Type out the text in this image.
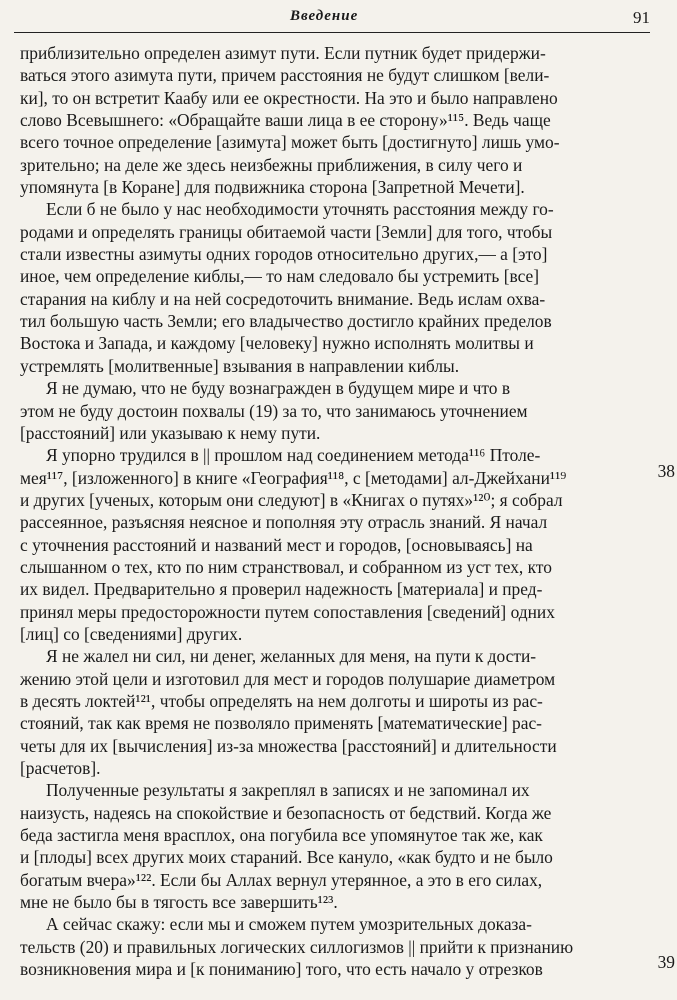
Введение	91
38
39
приблизительно определен азимут пути. Если путник будет придержи-
ваться этого азимута пути, причем расстояния не будут слишком [вели-
ки], то он встретит Каабу или ее окрестности. На это и было направлено
слово Всевышнего: «Обращайте ваши лица в ее сторону»¹¹⁵. Ведь чаще
всего точное определение [азимута] может быть [достигнуто] лишь умо-
зрительно; на деле же здесь неизбежны приближения, в силу чего и
упомянута [в Коране] для подвижника сторона [Запретной Мечети].
Если б не было у нас необходимости уточнять расстояния между го-
родами и определять границы обитаемой части [Земли] для того, чтобы
стали известны азимуты одних городов относительно других,— а [это]
иное, чем определение киблы,— то нам следовало бы устремить [все]
старания на киблу и на ней сосредоточить внимание. Ведь ислам охва-
тил большую часть Земли; его владычество достигло крайних пределов
Востока и Запада, и каждому [человеку] нужно исполнять молитвы и
устремлять [молитвенные] взывания в направлении киблы.
Я не думаю, что не буду вознагражден в будущем мире и что в
этом не буду достоин похвалы (19) за то, что занимаюсь уточнением
[расстояний] или указываю к нему пути.
Я упорно трудился в || прошлом над соединением метода¹¹⁶ Птоле-
мея¹¹⁷, [изложенного] в книге «География¹¹⁸, с [методами] ал-Джейхани¹¹⁹
и других [ученых, которым они следуют] в «Книгах о путях»¹²⁰; я собрал
рассеянное, разъясняя неясное и пополняя эту отрасль знаний. Я начал
с уточнения расстояний и названий мест и городов, [основываясь] на
слышанном о тех, кто по ним странствовал, и собранном из уст тех, кто
их видел. Предварительно я проверил надежность [материала] и пред-
принял меры предосторожности путем сопоставления [сведений] одних
[лиц] со [сведениями] других.
Я не жалел ни сил, ни денег, желанных для меня, на пути к дости-
жению этой цели и изготовил для мест и городов полушарие диаметром
в десять локтей¹²¹, чтобы определять на нем долготы и широты из рас-
стояний, так как время не позволяло применять [математические] рас-
четы для их [вычисления] из-за множества [расстояний] и длительности
[расчетов].
Полученные результаты я закреплял в записях и не запоминал их
наизусть, надеясь на спокойствие и безопасность от бедствий. Когда же
беда застигла меня врасплох, она погубила все упомянутое так же, как
и [плоды] всех других моих стараний. Все кануло, «как будто и не было
богатым вчера»¹²². Если бы Аллах вернул утерянное, а это в его силах,
мне не было бы в тягость все завершить¹²³.
А сейчас скажу: если мы и сможем путем умозрительных доказа-
тельств (20) и правильных логических силлогизмов || прийти к признанию
возникновения мира и [к пониманию] того, что есть начало у отрезков
